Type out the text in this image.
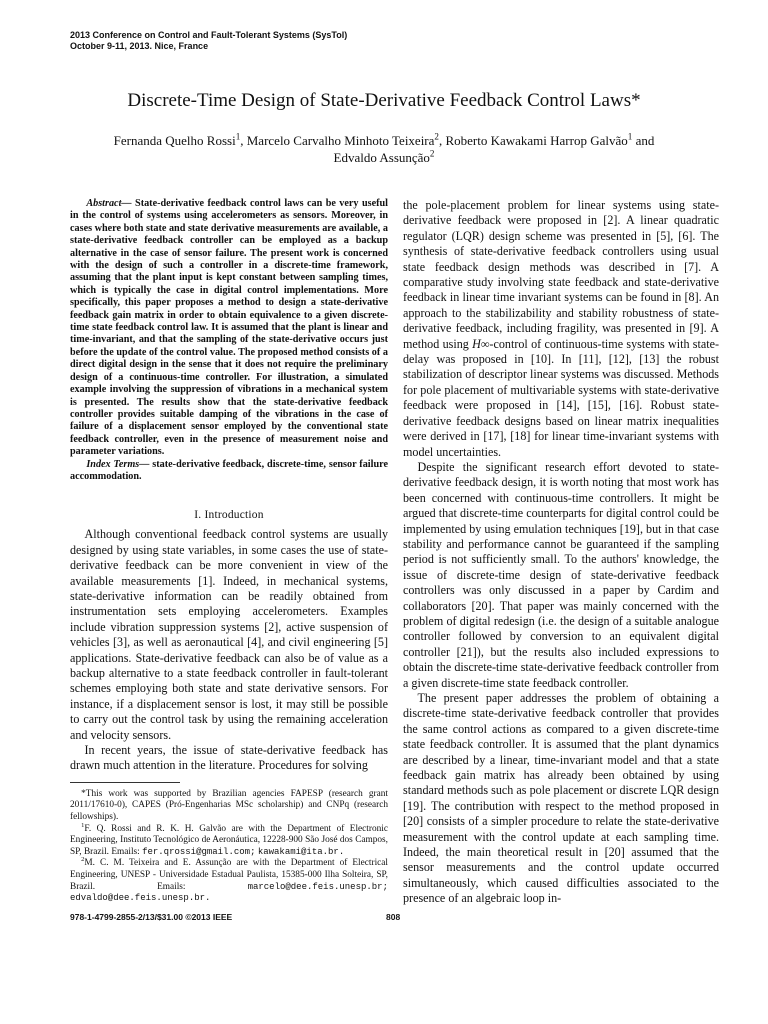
2013 Conference on Control and Fault-Tolerant Systems (SysTol)
October 9-11, 2013. Nice, France
Discrete-Time Design of State-Derivative Feedback Control Laws*
Fernanda Quelho Rossi$^1$, Marcelo Carvalho Minhoto Teixeira$^2$, Roberto Kawakami Harrop Galvão$^1$ and
Edvaldo Assunção$^2$

Abstract— State-derivative feedback control laws can be very useful in the control of systems using accelerometers as sensors. Moreover, in cases where both state and state derivative measurements are available, a state-derivative feedback controller can be employed as a backup alternative in the case of sensor failure. The present work is concerned with the design of such a controller in a discrete-time framework, assuming that the plant input is kept constant between sampling times, which is typically the case in digital control implementations. More specifically, this paper proposes a method to design a state-derivative feedback gain matrix in order to obtain equivalence to a given discrete-time state feedback control law. It is assumed that the plant is linear and time-invariant, and that the sampling of the state-derivative occurs just before the update of the control value. The proposed method consists of a direct digital design in the sense that it does not require the preliminary design of a continuous-time controller. For illustration, a simulated example involving the suppression of vibrations in a mechanical system is presented. The results show that the state-derivative feedback controller provides suitable damping of the vibrations in the case of failure of a displacement sensor employed by the conventional state feedback controller, even in the presence of measurement noise and parameter variations.

Index Terms— state-derivative feedback, discrete-time, sensor failure accommodation.

I. Introduction

Although conventional feedback control systems are usually designed by using state variables, in some cases the use of state-derivative feedback can be more convenient in view of the available measurements [1]. Indeed, in mechanical systems, state-derivative information can be readily obtained from instrumentation sets employing accelerometers. Examples include vibration suppression systems [2], active suspension of vehicles [3], as well as aeronautical [4], and civil engineering [5] applications. State-derivative feedback can also be of value as a backup alternative to a state feedback controller in fault-tolerant schemes employing both state and state derivative sensors. For instance, if a displacement sensor is lost, it may still be possible to carry out the control task by using the remaining acceleration and velocity sensors.

In recent years, the issue of state-derivative feedback has drawn much attention in the literature. Procedures for solving

*This work was supported by Brazilian agencies FAPESP (research grant 2011/17610-0), CAPES (Pró-Engenharias MSc scholarship) and CNPq (research fellowships).

$^1$F. Q. Rossi and R. K. H. Galvão are with the Department of Electronic Engineering, Instituto Tecnológico de Aeronáutica, 12228-900 São José dos Campos, SP, Brazil. Emails: fer.qrossi@gmail.com; kawakami@ita.br.

$^2$M. C. M. Teixeira and E. Assunção are with the Department of Electrical Engineering, UNESP - Universidade Estadual Paulista, 15385-000 Ilha Solteira, SP, Brazil. Emails: marcelo@dee.feis.unesp.br; edvaldo@dee.feis.unesp.br.

the pole-placement problem for linear systems using state-derivative feedback were proposed in [2]. A linear quadratic regulator (LQR) design scheme was presented in [5], [6]. The synthesis of state-derivative feedback controllers using usual state feedback design methods was described in [7]. A comparative study involving state feedback and state-derivative feedback in linear time invariant systems can be found in [8]. An approach to the stabilizability and stability robustness of state-derivative feedback, including fragility, was presented in [9]. A method using H∞-control of continuous-time systems with state-delay was proposed in [10]. In [11], [12], [13] the robust stabilization of descriptor linear systems was discussed. Methods for pole placement of multivariable systems with state-derivative feedback were proposed in [14], [15], [16]. Robust state-derivative feedback designs based on linear matrix inequalities were derived in [17], [18] for linear time-invariant systems with model uncertainties.

Despite the significant research effort devoted to state-derivative feedback design, it is worth noting that most work has been concerned with continuous-time controllers. It might be argued that discrete-time counterparts for digital control could be implemented by using emulation techniques [19], but in that case stability and performance cannot be guaranteed if the sampling period is not sufficiently small. To the authors' knowledge, the issue of discrete-time design of state-derivative feedback controllers was only discussed in a paper by Cardim and collaborators [20]. That paper was mainly concerned with the problem of digital redesign (i.e. the design of a suitable analogue controller followed by conversion to an equivalent digital controller [21]), but the results also included expressions to obtain the discrete-time state-derivative feedback controller from a given discrete-time state feedback controller.

The present paper addresses the problem of obtaining a discrete-time state-derivative feedback controller that provides the same control actions as compared to a given discrete-time state feedback controller. It is assumed that the plant dynamics are described by a linear, time-invariant model and that a state feedback gain matrix has already been obtained by using standard methods such as pole placement or discrete LQR design [19]. The contribution with respect to the method proposed in [20] consists of a simpler procedure to relate the state-derivative measurement with the control update at each sampling time. Indeed, the main theoretical result in [20] assumed that the sensor measurements and the control update occurred simultaneously, which caused difficulties associated to the presence of an algebraic loop in-

978-1-4799-2855-2/13/$31.00 ©2013 IEEE	808
